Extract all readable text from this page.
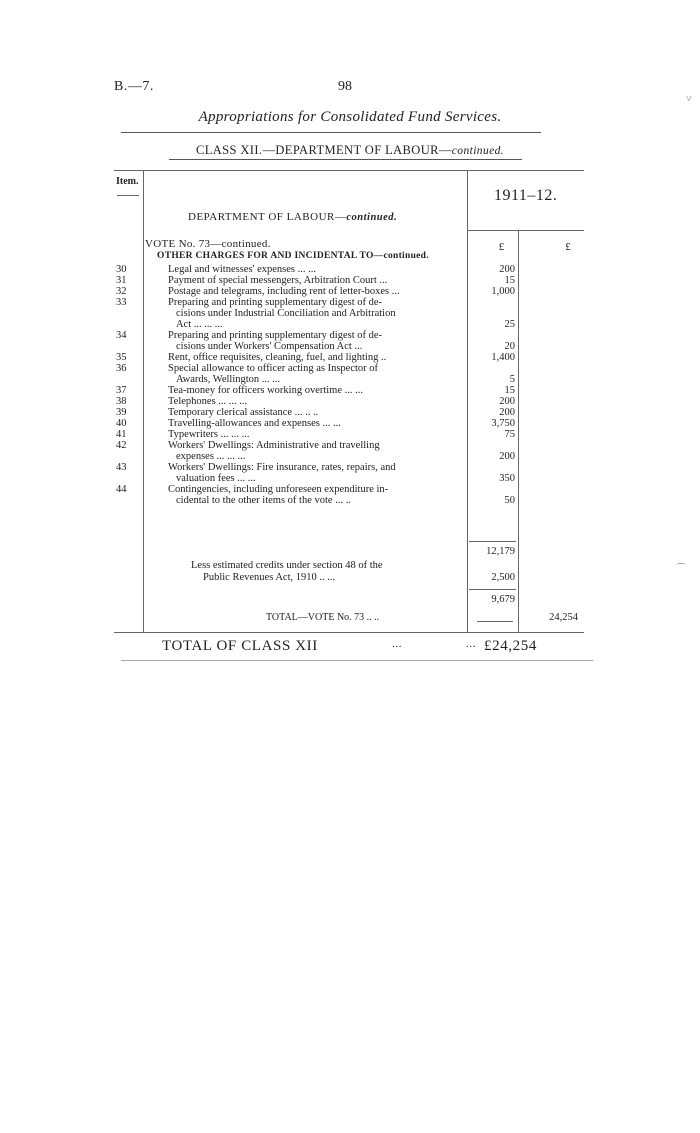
B.—7.	98
Appropriations for Consolidated Fund Services.
CLASS XII.—DEPARTMENT OF LABOUR—continued.
Item.
1911–12.
DEPARTMENT OF LABOUR—continued.
VOTE No. 73—continued.
OTHER CHARGES FOR AND INCIDENTAL TO—continued.
£	£
30	Legal and witnesses' expenses ... ...	200
31	Payment of special messengers, Arbitration Court ...	15
32	Postage and telegrams, including rent of letter-boxes ...	1,000
33	Preparing and printing supplementary digest of de-
cisions under Industrial Conciliation and Arbitration
Act ... ... ...	25
34	Preparing and printing supplementary digest of de-
cisions under Workers' Compensation Act ...	20
35	Rent, office requisites, cleaning, fuel, and lighting ..	1,400
36	Special allowance to officer acting as Inspector of
Awards, Wellington ... ...	5
37	Tea-money for officers working overtime ... ...	15
38	Telephones ... ... ...	200
39	Temporary clerical assistance ... .. ..	200
40	Travelling-allowances and expenses ... ...	3,750
41	Typewriters ... ... ...	75
42	Workers' Dwellings: Administrative and travelling
expenses ... ... ...	200
43	Workers' Dwellings: Fire insurance, rates, repairs, and
valuation fees ... ...	350
44	Contingencies, including unforeseen expenditure in-
cidental to the other items of the vote ... ..	50
12,179
Less estimated credits under section 48 of the
Public Revenues Act, 1910 .. ...	2,500
9,679
TOTAL—VOTE No. 73 .. ..	24,254
TOTAL OF CLASS XII	...	... £24,254
˅
⌒
